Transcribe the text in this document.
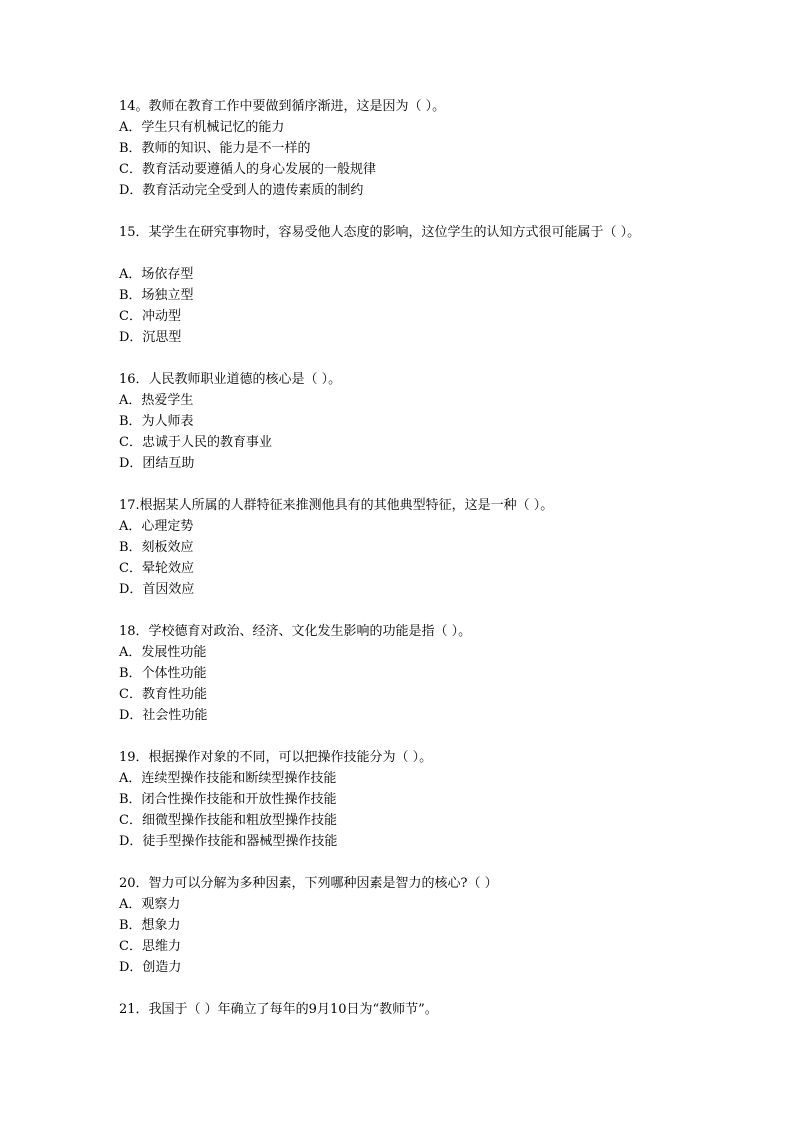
14。教师在教育工作中要做到循序渐进，这是因为（ ）。

A．学生只有机械记忆的能力

B．教师的知识、能力是不一样的

C．教育活动要遵循人的身心发展的一般规律

D．教育活动完全受到人的遗传素质的制约

15．某学生在研究事物时，容易受他人态度的影响，这位学生的认知方式很可能属于（ ）。

A．场依存型

B．场独立型

C．冲动型

D．沉思型

16．人民教师职业道德的核心是（ ）。

A．热爱学生

B．为人师表

C．忠诚于人民的教育事业

D．团结互助

17.根据某人所属的人群特征来推测他具有的其他典型特征，这是一种（ ）。

A．心理定势

B．刻板效应

C．晕轮效应

D．首因效应

18．学校德育对政治、经济、文化发生影响的功能是指（ ）。

A．发展性功能

B．个体性功能

C．教育性功能

D．社会性功能

19．根据操作对象的不同，可以把操作技能分为（ ）。

A．连续型操作技能和断续型操作技能

B．闭合性操作技能和开放性操作技能

C．细微型操作技能和粗放型操作技能

D．徒手型操作技能和器械型操作技能

20．智力可以分解为多种因素，下列哪种因素是智力的核心?（ ）

A．观察力

B．想象力

C．思维力

D．创造力

21．我国于（ ）年确立了每年的9月10日为“教师节”。
